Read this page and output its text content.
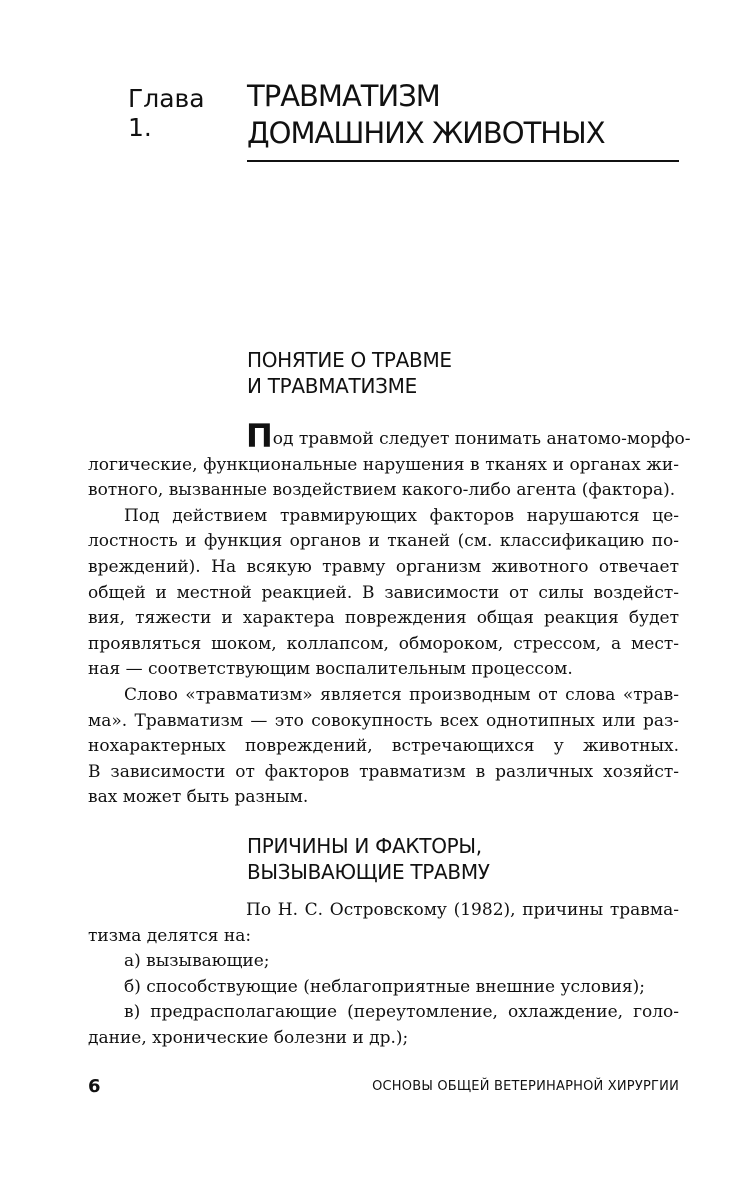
Глава 1.
ТРАВМАТИЗМ
ДОМАШНИХ ЖИВОТНЫХ
ПОНЯТИЕ О ТРАВМЕ
И ТРАВМАТИЗМЕ

Под травмой следует понимать анатомо-морфо-
логические, функциональные нарушения в тканях и органах жи-
вотного, вызванные воздействием какого-либо агента (фактора).

Под действием травмирующих факторов нарушаются це-
лостность и функция органов и тканей (см. классификацию по-
вреждений). На всякую травму организм животного отвечает
общей и местной реакцией. В зависимости от силы воздейст-
вия, тяжести и характера повреждения общая реакция будет
проявляться шоком, коллапсом, обмороком, стрессом, а мест-
ная — соответствующим воспалительным процессом.

Слово «травматизм» является производным от слова «трав-
ма». Травматизм — это совокупность всех однотипных или раз-
нохарактерных повреждений, встречающихся у животных.
В зависимости от факторов травматизм в различных хозяйст-
вах может быть разным.

ПРИЧИНЫ И ФАКТОРЫ,
ВЫЗЫВАЮЩИЕ ТРАВМУ

По Н. С. Островскому (1982), причины травма-
тизма делятся на:

а) вызывающие;

б) способствующие (неблагоприятные внешние условия);

в) предрасполагающие (переутомление, охлаждение, голо-
дание, хронические болезни и др.);

6	ОСНОВЫ ОБЩЕЙ ВЕТЕРИНАРНОЙ ХИРУРГИИ
